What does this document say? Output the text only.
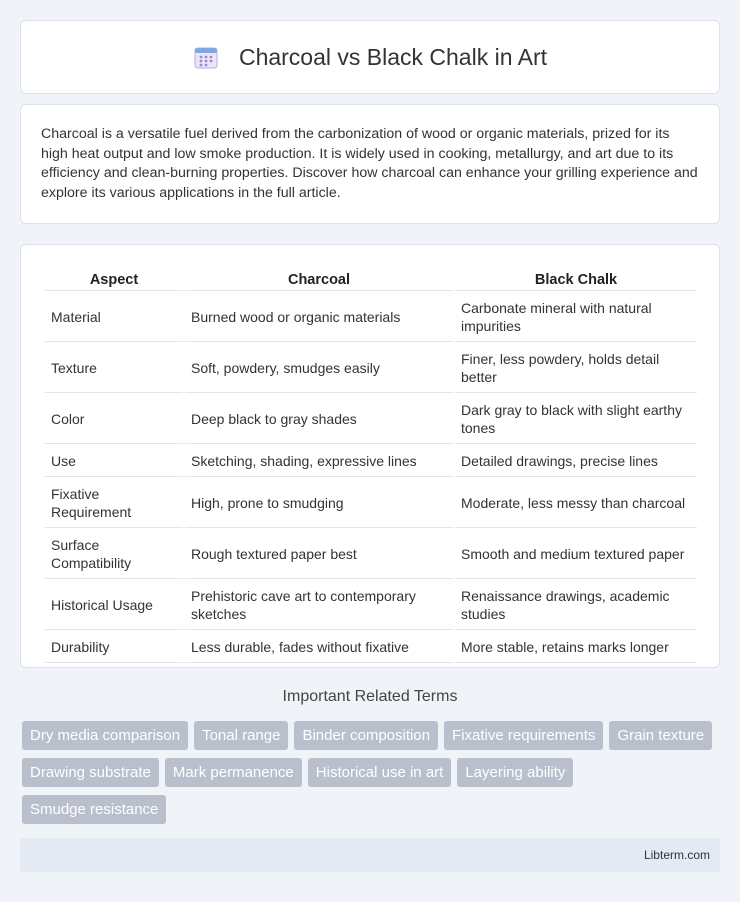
Charcoal vs Black Chalk in Art

Charcoal is a versatile fuel derived from the carbonization of wood or organic materials, prized for its high heat output and low smoke production. It is widely used in cooking, metallurgy, and art due to its efficiency and clean-burning properties. Discover how charcoal can enhance your grilling experience and explore its various applications in the full article.

Aspect	Charcoal	Black Chalk
Material	Burned wood or organic materials	Carbonate mineral with natural impurities
Texture	Soft, powdery, smudges easily	Finer, less powdery, holds detail better
Color	Deep black to gray shades	Dark gray to black with slight earthy tones
Use	Sketching, shading, expressive lines	Detailed drawings, precise lines
Fixative Requirement	High, prone to smudging	Moderate, less messy than charcoal
Surface Compatibility	Rough textured paper best	Smooth and medium textured paper
Historical Usage	Prehistoric cave art to contemporary sketches	Renaissance drawings, academic studies
Durability	Less durable, fades without fixative	More stable, retains marks longer
Important Related Terms
Dry media comparison	Tonal range	Binder composition	Fixative requirements	Grain texture
Drawing substrate	Mark permanence	Historical use in art	Layering ability
Smudge resistance
Libterm.com
